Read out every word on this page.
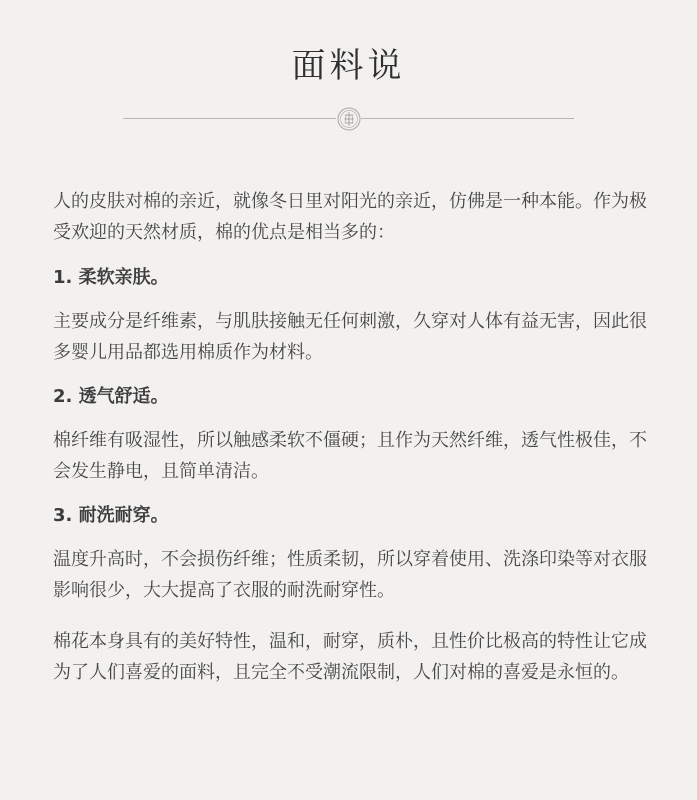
面料说

人的皮肤对棉的亲近，就像冬日里对阳光的亲近，仿佛是一种本能。作为极受欢迎的天然材质，棉的优点是相当多的：

1. 柔软亲肤。

主要成分是纤维素，与肌肤接触无任何刺激，久穿对人体有益无害，因此很多婴儿用品都选用棉质作为材料。

2. 透气舒适。

棉纤维有吸湿性，所以触感柔软不僵硬；且作为天然纤维，透气性极佳，不会发生静电，且简单清洁。

3. 耐洗耐穿。

温度升高时，不会损伤纤维；性质柔韧，所以穿着使用、洗涤印染等对衣服影响很少，大大提高了衣服的耐洗耐穿性。

棉花本身具有的美好特性，温和，耐穿，质朴，且性价比极高的特性让它成为了人们喜爱的面料，且完全不受潮流限制，人们对棉的喜爱是永恒的。
